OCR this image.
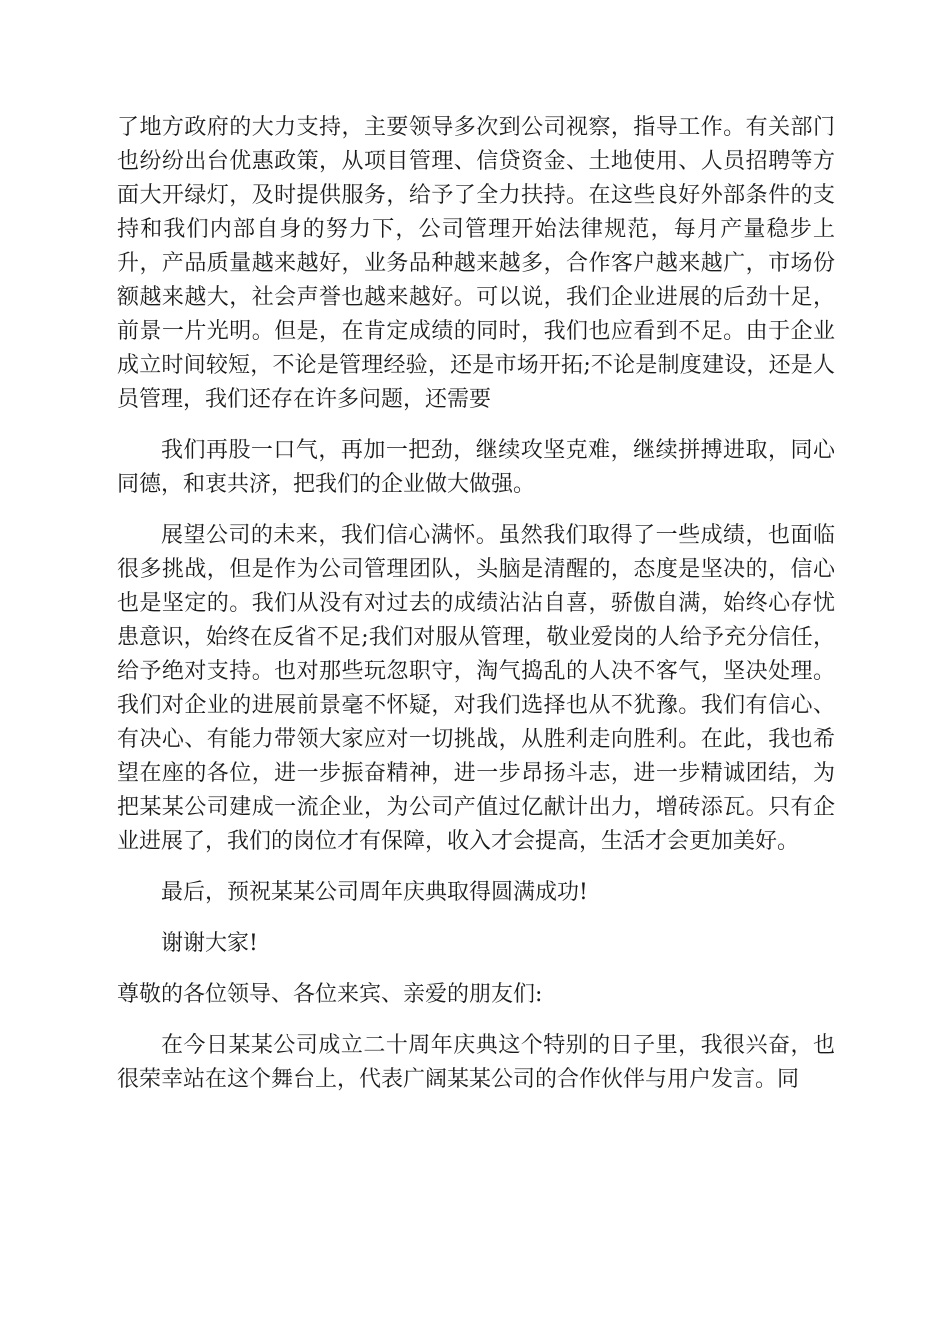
了地方政府的大力支持，主要领导多次到公司视察，指导工作。有关部门也纷纷出台优惠政策，从项目管理、信贷资金、土地使用、人员招聘等方面大开绿灯，及时提供服务，给予了全力扶持。在这些良好外部条件的支持和我们内部自身的努力下，公司管理开始法律规范，每月产量稳步上升，产品质量越来越好，业务品种越来越多，合作客户越来越广，市场份额越来越大，社会声誉也越来越好。可以说，我们企业进展的后劲十足，前景一片光明。但是，在肯定成绩的同时，我们也应看到不足。由于企业成立时间较短，不论是管理经验，还是市场开拓;不论是制度建设，还是人员管理，我们还存在许多问题，还需要

我们再股一口气，再加一把劲，继续攻坚克难，继续拼搏进取，同心同德，和衷共济，把我们的企业做大做强。

展望公司的未来，我们信心满怀。虽然我们取得了一些成绩，也面临很多挑战，但是作为公司管理团队，头脑是清醒的，态度是坚决的，信心也是坚定的。我们从没有对过去的成绩沾沾自喜，骄傲自满，始终心存忧患意识，始终在反省不足;我们对服从管理，敬业爱岗的人给予充分信任，给予绝对支持。也对那些玩忽职守，淘气捣乱的人决不客气，坚决处理。我们对企业的进展前景毫不怀疑，对我们选择也从不犹豫。我们有信心、有决心、有能力带领大家应对一切挑战，从胜利走向胜利。在此，我也希望在座的各位，进一步振奋精神，进一步昂扬斗志，进一步精诚团结，为把某某公司建成一流企业，为公司产值过亿献计出力，增砖添瓦。只有企业进展了，我们的岗位才有保障，收入才会提高，生活才会更加美好。

最后，预祝某某公司周年庆典取得圆满成功!

谢谢大家!

尊敬的各位领导、各位来宾、亲爱的朋友们:

在今日某某公司成立二十周年庆典这个特别的日子里，我很兴奋，也很荣幸站在这个舞台上，代表广阔某某公司的合作伙伴与用户发言。同
